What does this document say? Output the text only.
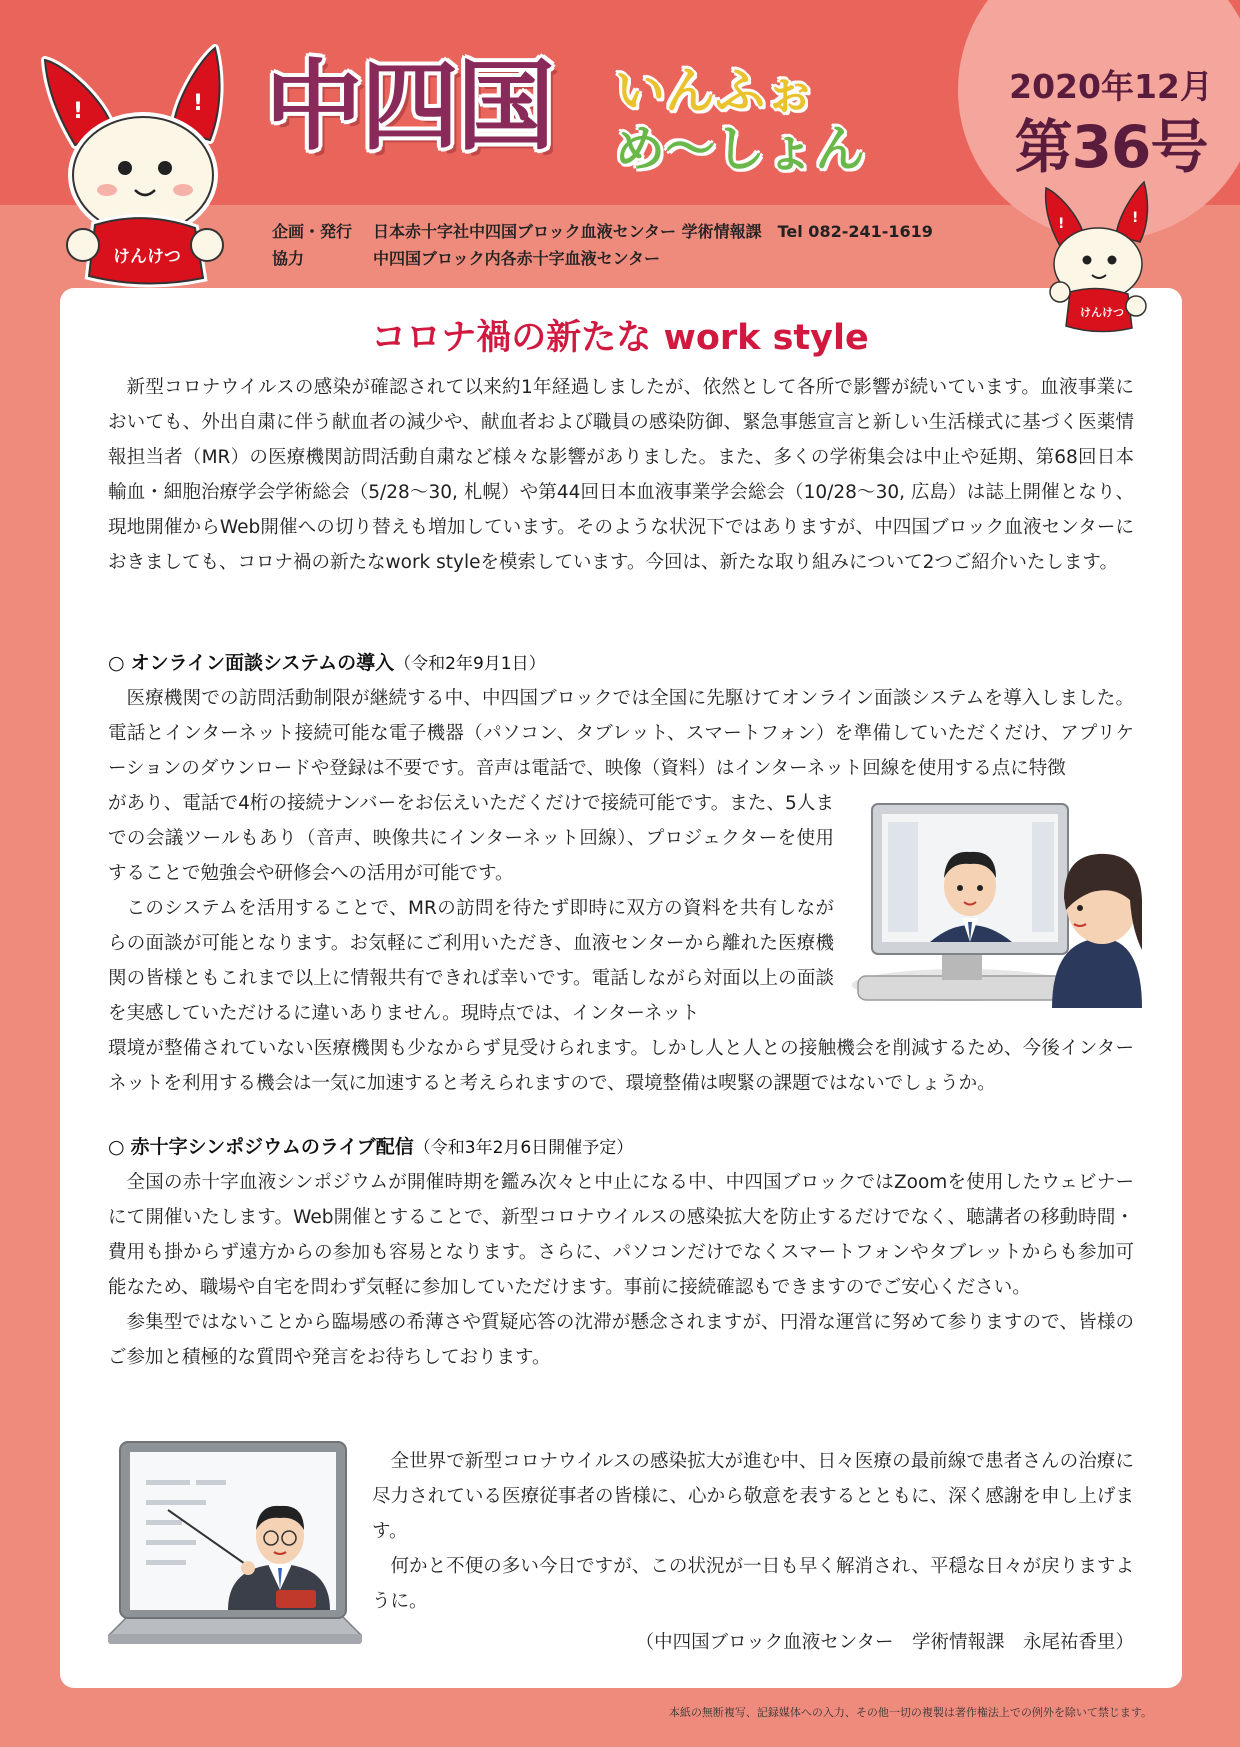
!	!
けんけつ
中四国 いんふぉ
め〜しょん
2020年12月
第36号
企画・発行	日本赤十字社中四国ブロック血液センター 学術情報課　Tel 082-241-1619
協力	中四国ブロック内各赤十字血液センター
!	!
けんけつ
コロナ禍の新たな work style

新型コロナウイルスの感染が確認されて以来約1年経過しましたが、依然として各所で影響が続いています。血液事業においても、外出自粛に伴う献血者の減少や、献血者および職員の感染防御、緊急事態宣言と新しい生活様式に基づく医薬情報担当者（MR）の医療機関訪問活動自粛など様々な影響がありました。また、多くの学術集会は中止や延期、第68回日本輸血・細胞治療学会学術総会（5/28〜30, 札幌）や第44回日本血液事業学会総会（10/28〜30, 広島）は誌上開催となり、現地開催からWeb開催への切り替えも増加しています。そのような状況下ではありますが、中四国ブロック血液センターにおきましても、コロナ禍の新たなwork styleを模索しています。今回は、新たな取り組みについて2つご紹介いたします。

○ オンライン面談システムの導入（令和2年9月1日）

医療機関での訪問活動制限が継続する中、中四国ブロックでは全国に先駆けてオンライン面談システムを導入しました。電話とインターネット接続可能な電子機器（パソコン、タブレット、スマートフォン）を準備していただくだけ、アプリケーションのダウンロードや登録は不要です。音声は電話で、映像（資料）はインターネット回線を使用する点に特徴

があり、電話で4桁の接続ナンバーをお伝えいただくだけで接続可能です。また、5人までの会議ツールもあり（音声、映像共にインターネット回線）、プロジェクターを使用することで勉強会や研修会への活用が可能です。

このシステムを活用することで、MRの訪問を待たず即時に双方の資料を共有しながらの面談が可能となります。お気軽にご利用いただき、血液センターから離れた医療機関の皆様ともこれまで以上に情報共有できれば幸いです。電話しながら対面以上の面談を実感していただけるに違いありません。現時点では、インターネット

環境が整備されていない医療機関も少なからず見受けられます。しかし人と人との接触機会を削減するため、今後インターネットを利用する機会は一気に加速すると考えられますので、環境整備は喫緊の課題ではないでしょうか。

○ 赤十字シンポジウムのライブ配信（令和3年2月6日開催予定）

全国の赤十字血液シンポジウムが開催時期を鑑み次々と中止になる中、中四国ブロックではZoomを使用したウェビナーにて開催いたします。Web開催とすることで、新型コロナウイルスの感染拡大を防止するだけでなく、聴講者の移動時間・費用も掛からず遠方からの参加も容易となります。さらに、パソコンだけでなくスマートフォンやタブレットからも参加可能なため、職場や自宅を問わず気軽に参加していただけます。事前に接続確認もできますのでご安心ください。

参集型ではないことから臨場感の希薄さや質疑応答の沈滞が懸念されますが、円滑な運営に努めて参りますので、皆様のご参加と積極的な質問や発言をお待ちしております。

全世界で新型コロナウイルスの感染拡大が進む中、日々医療の最前線で患者さんの治療に尽力されている医療従事者の皆様に、心から敬意を表するとともに、深く感謝を申し上げます。

何かと不便の多い今日ですが、この状況が一日も早く解消され、平穏な日々が戻りますように。

（中四国ブロック血液センター　学術情報課　永尾祐香里）

本紙の無断複写、記録媒体への入力、その他一切の複製は著作権法上での例外を除いて禁じます。
